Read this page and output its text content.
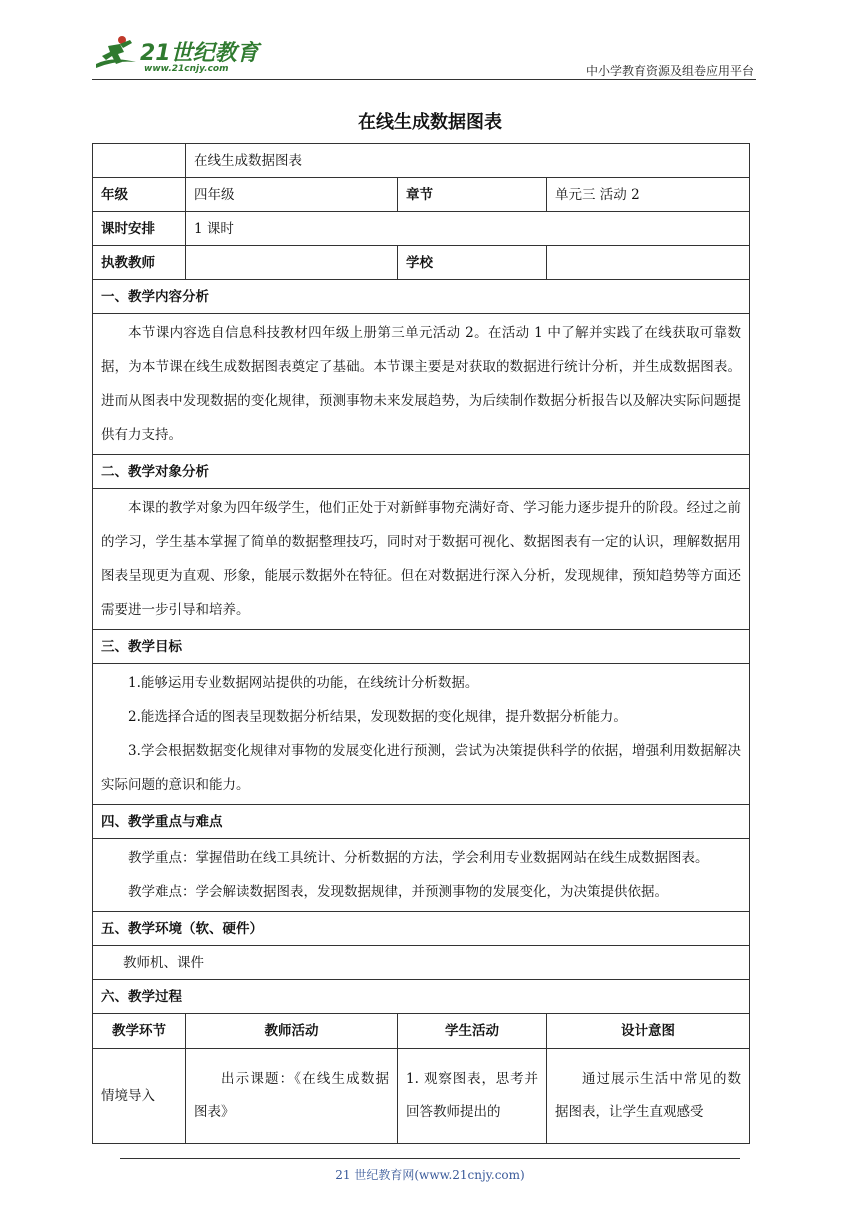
21世纪教育
www.21cnjy.com	中小学教育资源及组卷应用平台
在线生成数据图表
	在线生成数据图表		
年级	四年级	章节	单元三 活动 2
课时安排	1 课时		
执教教师		学校	
一、教学内容分析			

本节课内容选自信息科技教材四年级上册第三单元活动 2。在活动 1 中了解并实践了在线获取可靠数据，为本节课在线生成数据图表奠定了基础。本节课主要是对获取的数据进行统计分析，并生成数据图表。进而从图表中发现数据的变化规律，预测事物未来发展趋势，为后续制作数据分析报告以及解决实际问题提供有力支持。			

二、教学对象分析			

本课的教学对象为四年级学生，他们正处于对新鲜事物充满好奇、学习能力逐步提升的阶段。经过之前的学习，学生基本掌握了简单的数据整理技巧，同时对于数据可视化、数据图表有一定的认识，理解数据用图表呈现更为直观、形象，能展示数据外在特征。但在对数据进行深入分析，发现规律，预知趋势等方面还需要进一步引导和培养。			

三、教学目标			

1.能够运用专业数据网站提供的功能，在线统计分析数据。

2.能选择合适的图表呈现数据分析结果，发现数据的变化规律，提升数据分析能力。

3.学会根据数据变化规律对事物的发展变化进行预测，尝试为决策提供科学的依据，增强利用数据解决实际问题的意识和能力。			

四、教学重点与难点			

教学重点：掌握借助在线工具统计、分析数据的方法，学会利用专业数据网站在线生成数据图表。

教学难点：学会解读数据图表，发现数据规律，并预测事物的发展变化，为决策提供依据。			

五、教学环境（软、硬件）			
教师机、课件			
六、教学过程			
教学环节	教师活动	学生活动	设计意图

情境导入	出示课题：《在线生成数据图表》	1. 观察图表，思考并回答教师提出的	通过展示生活中常见的数据图表，让学生直观感受
21 世纪教育网(www.21cnjy.com)
